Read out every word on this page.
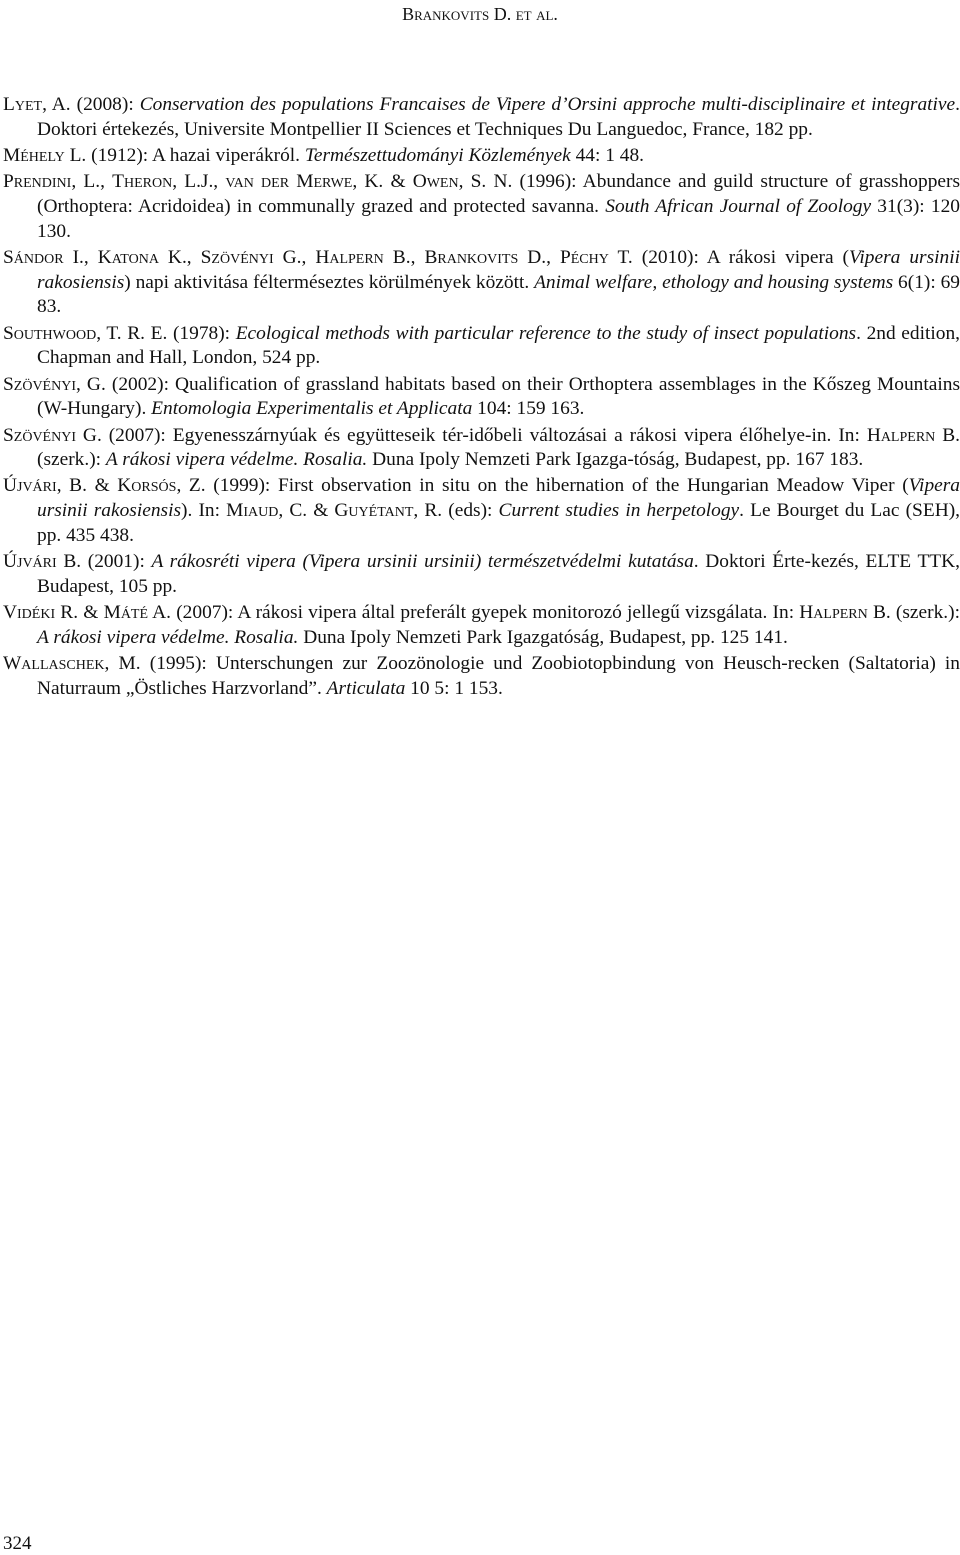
Brankovits D. et al.

Lyet, A. (2008): Conservation des populations Francaises de Vipere d’Orsini approche multi-disciplinaire et integrative. Doktori értekezés, Universite Montpellier II Sciences et Techniques Du Languedoc, France, 182 pp.

Méhely L. (1912): A hazai viperákról. Természettudományi Közlemények 44: 1 48.

Prendini, L., Theron, L.J., van der Merwe, K. & Owen, S. N. (1996): Abundance and guild structure of grasshoppers (Orthoptera: Acridoidea) in communally grazed and protected savanna. South African Journal of Zoology 31(3): 120 130.

Sándor I., Katona K., Szövényi G., Halpern B., Brankovits D., Péchy T. (2010): A rákosi vipera (Vipera ursinii rakosiensis) napi aktivitása félterméseztes körülmények között. Animal welfare, ethology and housing systems 6(1): 69 83.

Southwood, T. R. E. (1978): Ecological methods with particular reference to the study of insect populations. 2nd edition, Chapman and Hall, London, 524 pp.

Szövényi, G. (2002): Qualification of grassland habitats based on their Orthoptera assemblages in the Kőszeg Mountains (W-Hungary). Entomologia Experimentalis et Applicata 104: 159 163.

Szövényi G. (2007): Egyenesszárnyúak és együtteseik tér-időbeli változásai a rákosi vipera élőhelye-in. In: Halpern B. (szerk.): A rákosi vipera védelme. Rosalia. Duna Ipoly Nemzeti Park Igazga-tóság, Budapest, pp. 167 183.

Újvári, B. & Korsós, Z. (1999): First observation in situ on the hibernation of the Hungarian Meadow Viper (Vipera ursinii rakosiensis). In: Miaud, C. & Guyétant, R. (eds): Current studies in herpetology. Le Bourget du Lac (SEH), pp. 435 438.

Újvári B. (2001): A rákosréti vipera (Vipera ursinii ursinii) természetvédelmi kutatása. Doktori Érte-kezés, ELTE TTK, Budapest, 105 pp.

Vidéki R. & Máté A. (2007): A rákosi vipera által preferált gyepek monitorozó jellegű vizsgálata. In: Halpern B. (szerk.): A rákosi vipera védelme. Rosalia. Duna Ipoly Nemzeti Park Igazgatóság, Budapest, pp. 125 141.

Wallaschek, M. (1995): Unterschungen zur Zoozönologie und Zoobiotopbindung von Heusch-recken (Saltatoria) in Naturraum „Östliches Harzvorland”. Articulata 10 5: 1 153.

324
